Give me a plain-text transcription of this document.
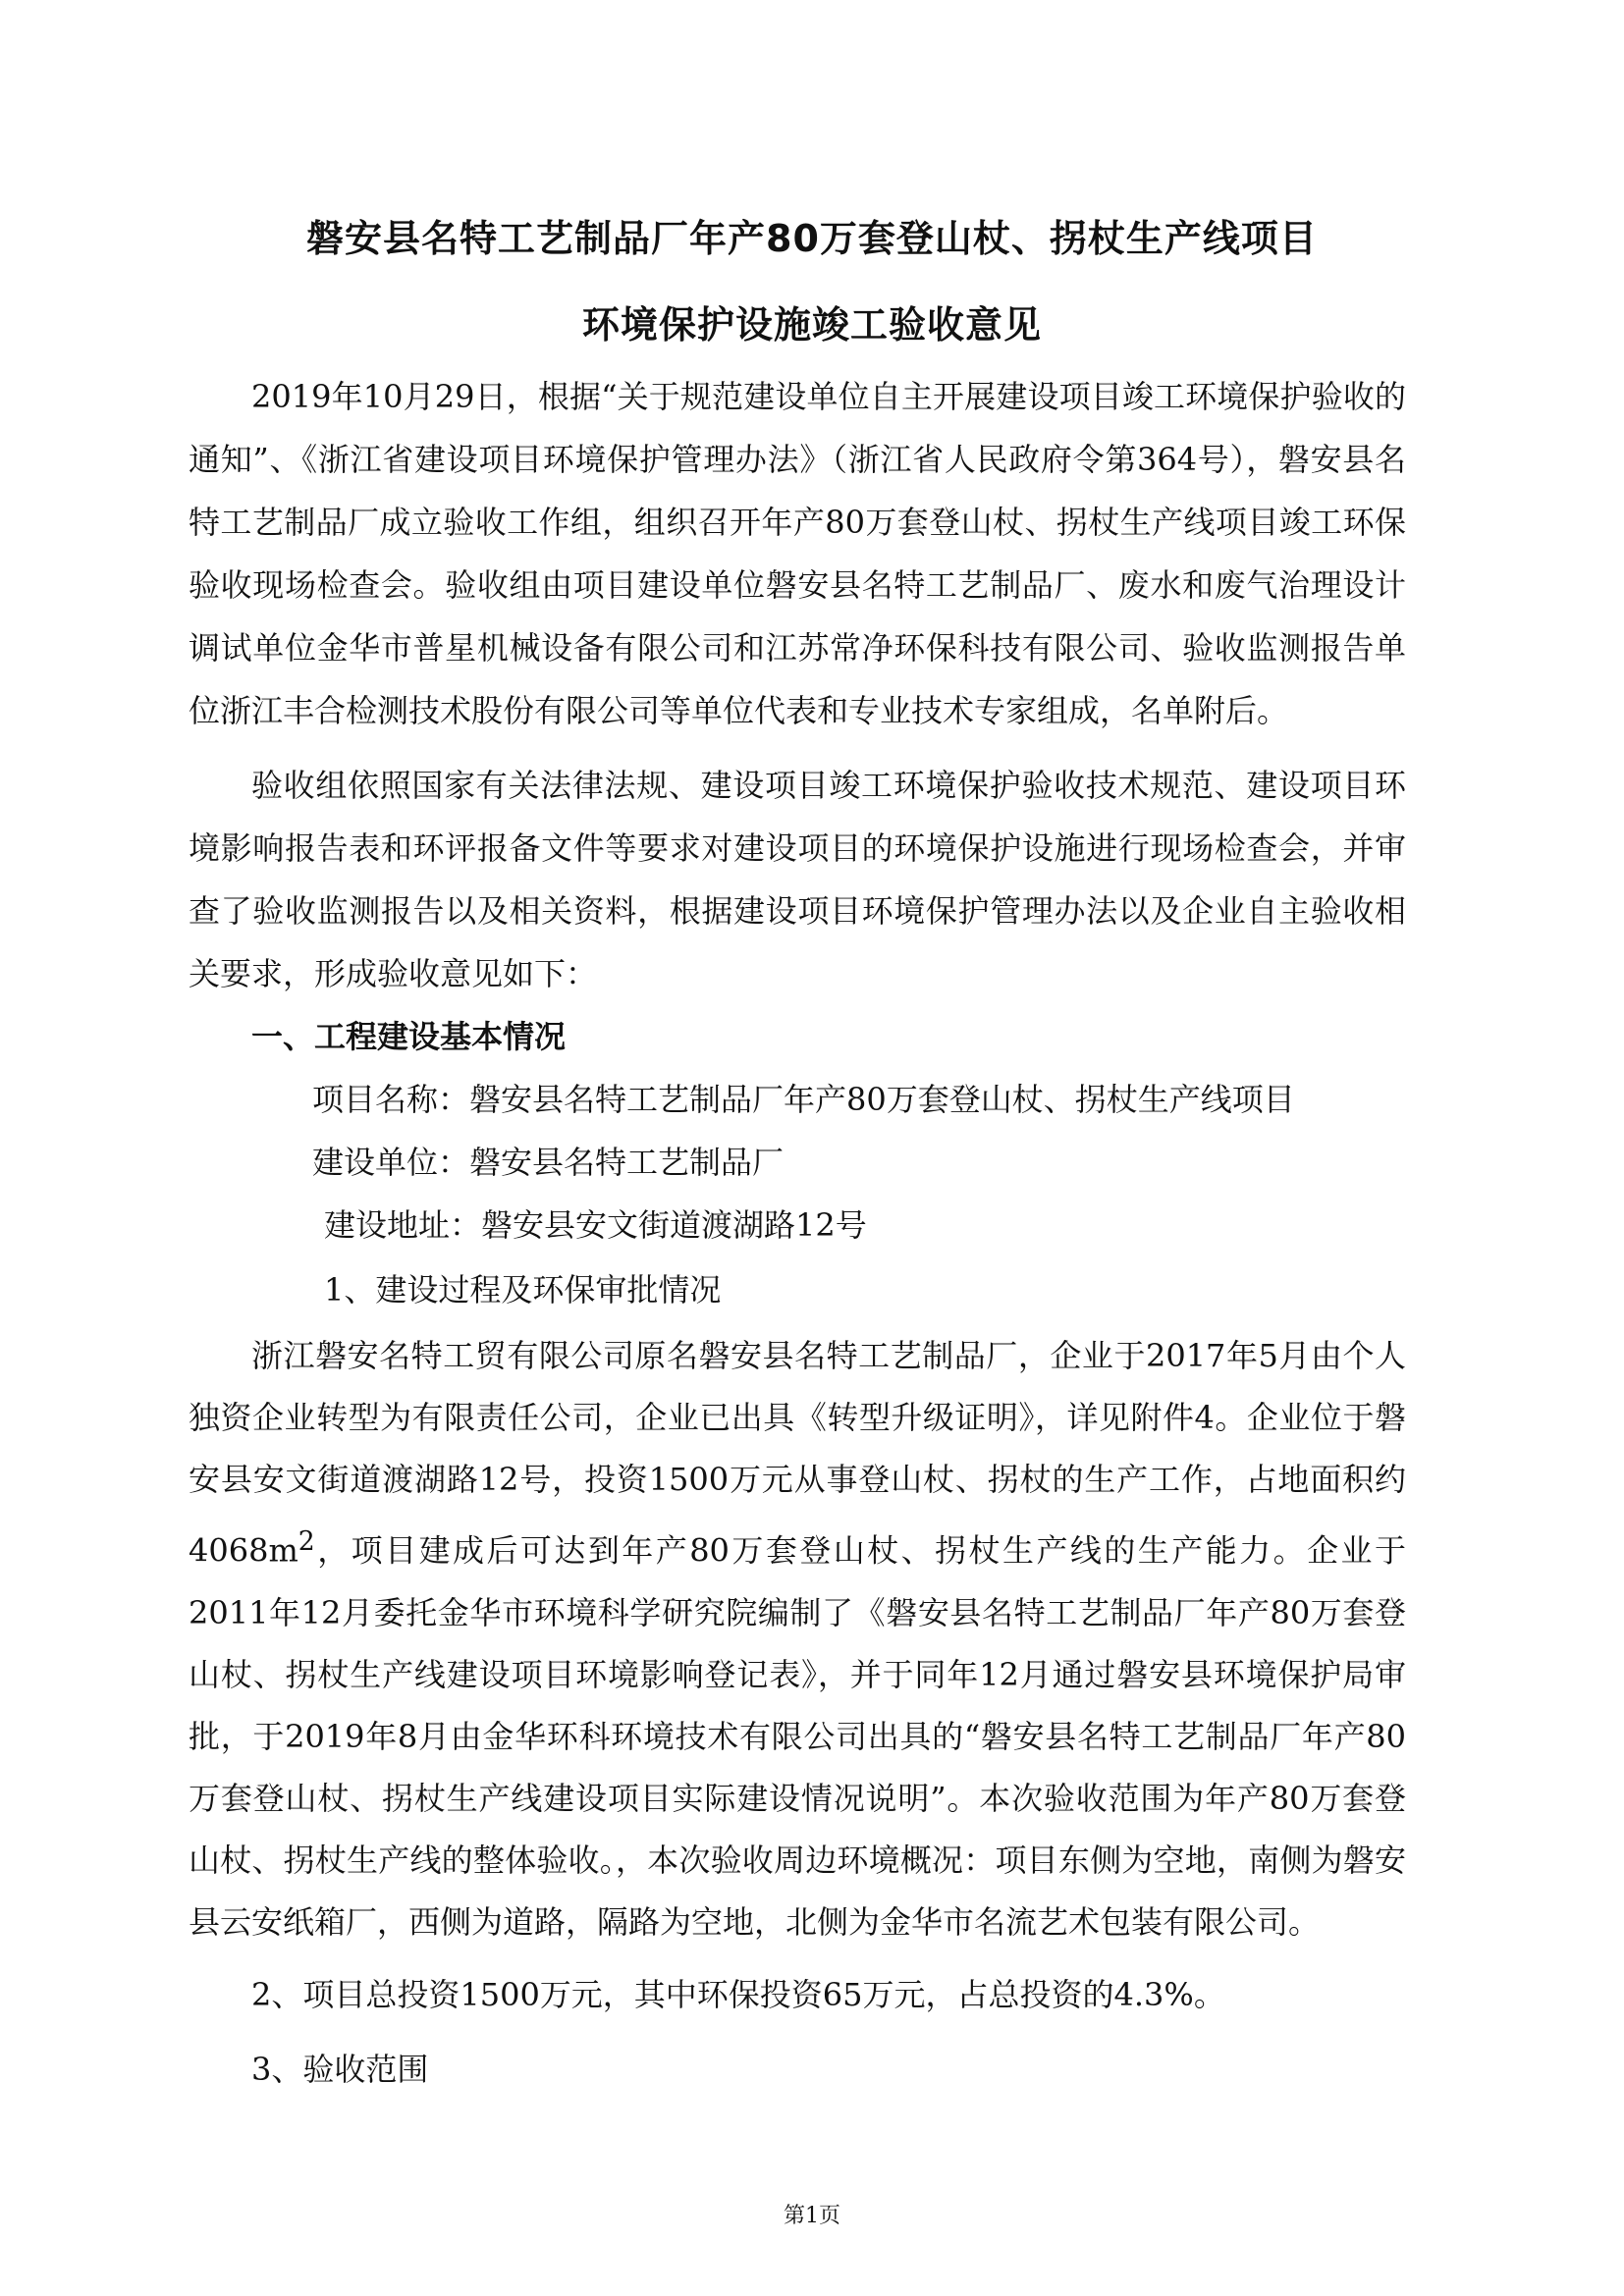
磐安县名特工艺制品厂年产80万套登山杖、拐杖生产线项目
环境保护设施竣工验收意见

2019年10月29日，根据“关于规范建设单位自主开展建设项目竣工环境保护验收的通知”、《浙江省建设项目环境保护管理办法》（浙江省人民政府令第364号），磐安县名特工艺制品厂成立验收工作组，组织召开年产80万套登山杖、拐杖生产线项目竣工环保验收现场检查会。验收组由项目建设单位磐安县名特工艺制品厂、废水和废气治理设计调试单位金华市普星机械设备有限公司和江苏常净环保科技有限公司、验收监测报告单位浙江丰合检测技术股份有限公司等单位代表和专业技术专家组成，名单附后。

验收组依照国家有关法律法规、建设项目竣工环境保护验收技术规范、建设项目环境影响报告表和环评报备文件等要求对建设项目的环境保护设施进行现场检查会，并审查了验收监测报告以及相关资料，根据建设项目环境保护管理办法以及企业自主验收相关要求，形成验收意见如下：

一、工程建设基本情况

项目名称：磐安县名特工艺制品厂年产80万套登山杖、拐杖生产线项目

建设单位：磐安县名特工艺制品厂

建设地址：磐安县安文街道渡湖路12号

1、建设过程及环保审批情况

浙江磐安名特工贸有限公司原名磐安县名特工艺制品厂，企业于2017年5月由个人独资企业转型为有限责任公司，企业已出具《转型升级证明》，详见附件4。企业位于磐安县安文街道渡湖路12号，投资1500万元从事登山杖、拐杖的生产工作，占地面积约$4068m^2$，项目建成后可达到年产80万套登山杖、拐杖生产线的生产能力。企业于2011年12月委托金华市环境科学研究院编制了《磐安县名特工艺制品厂年产80万套登山杖、拐杖生产线建设项目环境影响登记表》，并于同年12月通过磐安县环境保护局审批，于2019年8月由金华环科环境技术有限公司出具的“磐安县名特工艺制品厂年产80万套登山杖、拐杖生产线建设项目实际建设情况说明”。本次验收范围为年产80万套登山杖、拐杖生产线的整体验收。，本次验收周边环境概况：项目东侧为空地，南侧为磐安县云安纸箱厂，西侧为道路，隔路为空地，北侧为金华市名流艺术包装有限公司。

2、项目总投资1500万元，其中环保投资65万元，占总投资的4.3%。

3、验收范围

第1页
